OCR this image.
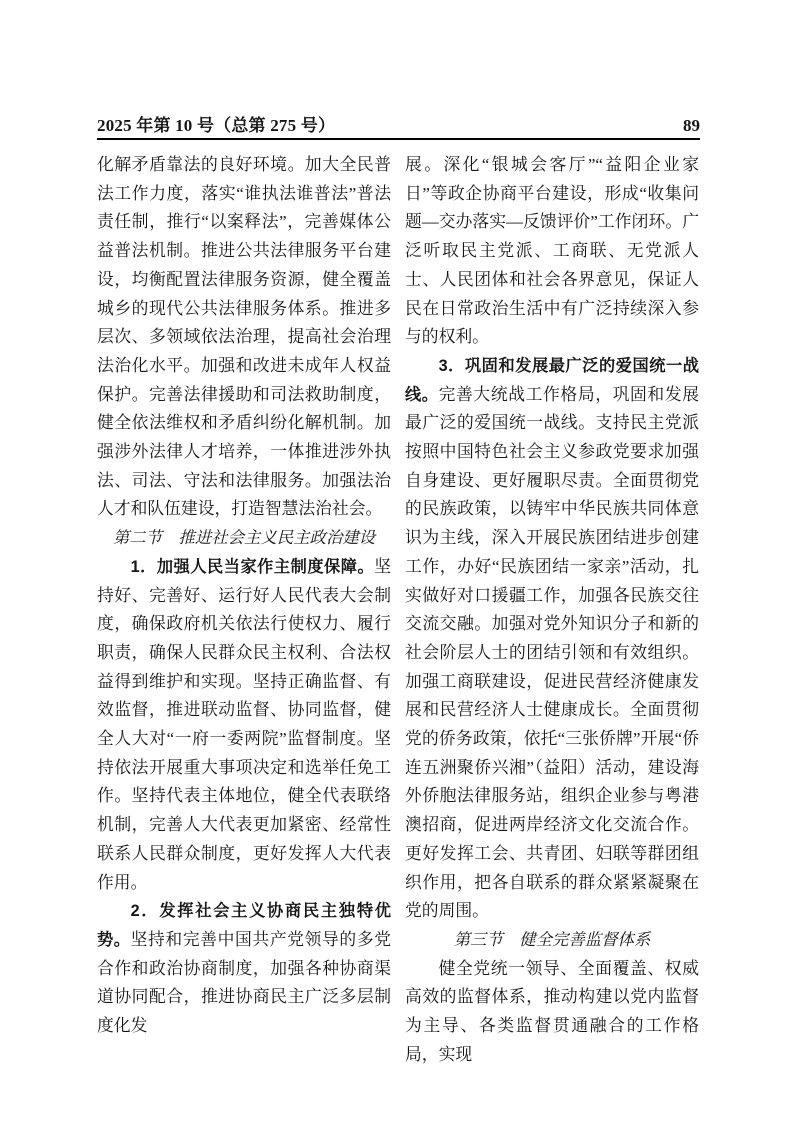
2025 年第 10 号（总第 275 号）	89

化解矛盾靠法的良好环境。加大全民普法工作力度，落实“谁执法谁普法”普法责任制，推行“以案释法”，完善媒体公益普法机制。推进公共法律服务平台建设，均衡配置法律服务资源，健全覆盖城乡的现代公共法律服务体系。推进多层次、多领域依法治理，提高社会治理法治化水平。加强和改进未成年人权益保护。完善法律援助和司法救助制度，健全依法维权和矛盾纠纷化解机制。加强涉外法律人才培养，一体推进涉外执法、司法、守法和法律服务。加强法治人才和队伍建设，打造智慧法治社会。

第二节　推进社会主义民主政治建设

1．加强人民当家作主制度保障。坚持好、完善好、运行好人民代表大会制度，确保政府机关依法行使权力、履行职责，确保人民群众民主权利、合法权益得到维护和实现。坚持正确监督、有效监督，推进联动监督、协同监督，健全人大对“一府一委两院”监督制度。坚持依法开展重大事项决定和选举任免工作。坚持代表主体地位，健全代表联络机制，完善人大代表更加紧密、经常性联系人民群众制度，更好发挥人大代表作用。

2．发挥社会主义协商民主独特优势。坚持和完善中国共产党领导的多党合作和政治协商制度，加强各种协商渠道协同配合，推进协商民主广泛多层制度化发

展。深化“银城会客厅”“益阳企业家日”等政企协商平台建设，形成“收集问题—交办落实—反馈评价”工作闭环。广泛听取民主党派、工商联、无党派人士、人民团体和社会各界意见，保证人民在日常政治生活中有广泛持续深入参与的权利。

3．巩固和发展最广泛的爱国统一战线。完善大统战工作格局，巩固和发展最广泛的爱国统一战线。支持民主党派按照中国特色社会主义参政党要求加强自身建设、更好履职尽责。全面贯彻党的民族政策，以铸牢中华民族共同体意识为主线，深入开展民族团结进步创建工作，办好“民族团结一家亲”活动，扎实做好对口援疆工作，加强各民族交往交流交融。加强对党外知识分子和新的社会阶层人士的团结引领和有效组织。加强工商联建设，促进民营经济健康发展和民营经济人士健康成长。全面贯彻党的侨务政策，依托“三张侨牌”开展“侨连五洲聚侨兴湘”（益阳）活动，建设海外侨胞法律服务站，组织企业参与粤港澳招商，促进两岸经济文化交流合作。更好发挥工会、共青团、妇联等群团组织作用，把各自联系的群众紧紧凝聚在党的周围。

第三节　健全完善监督体系

健全党统一领导、全面覆盖、权威高效的监督体系，推动构建以党内监督为主导、各类监督贯通融合的工作格局，实现
